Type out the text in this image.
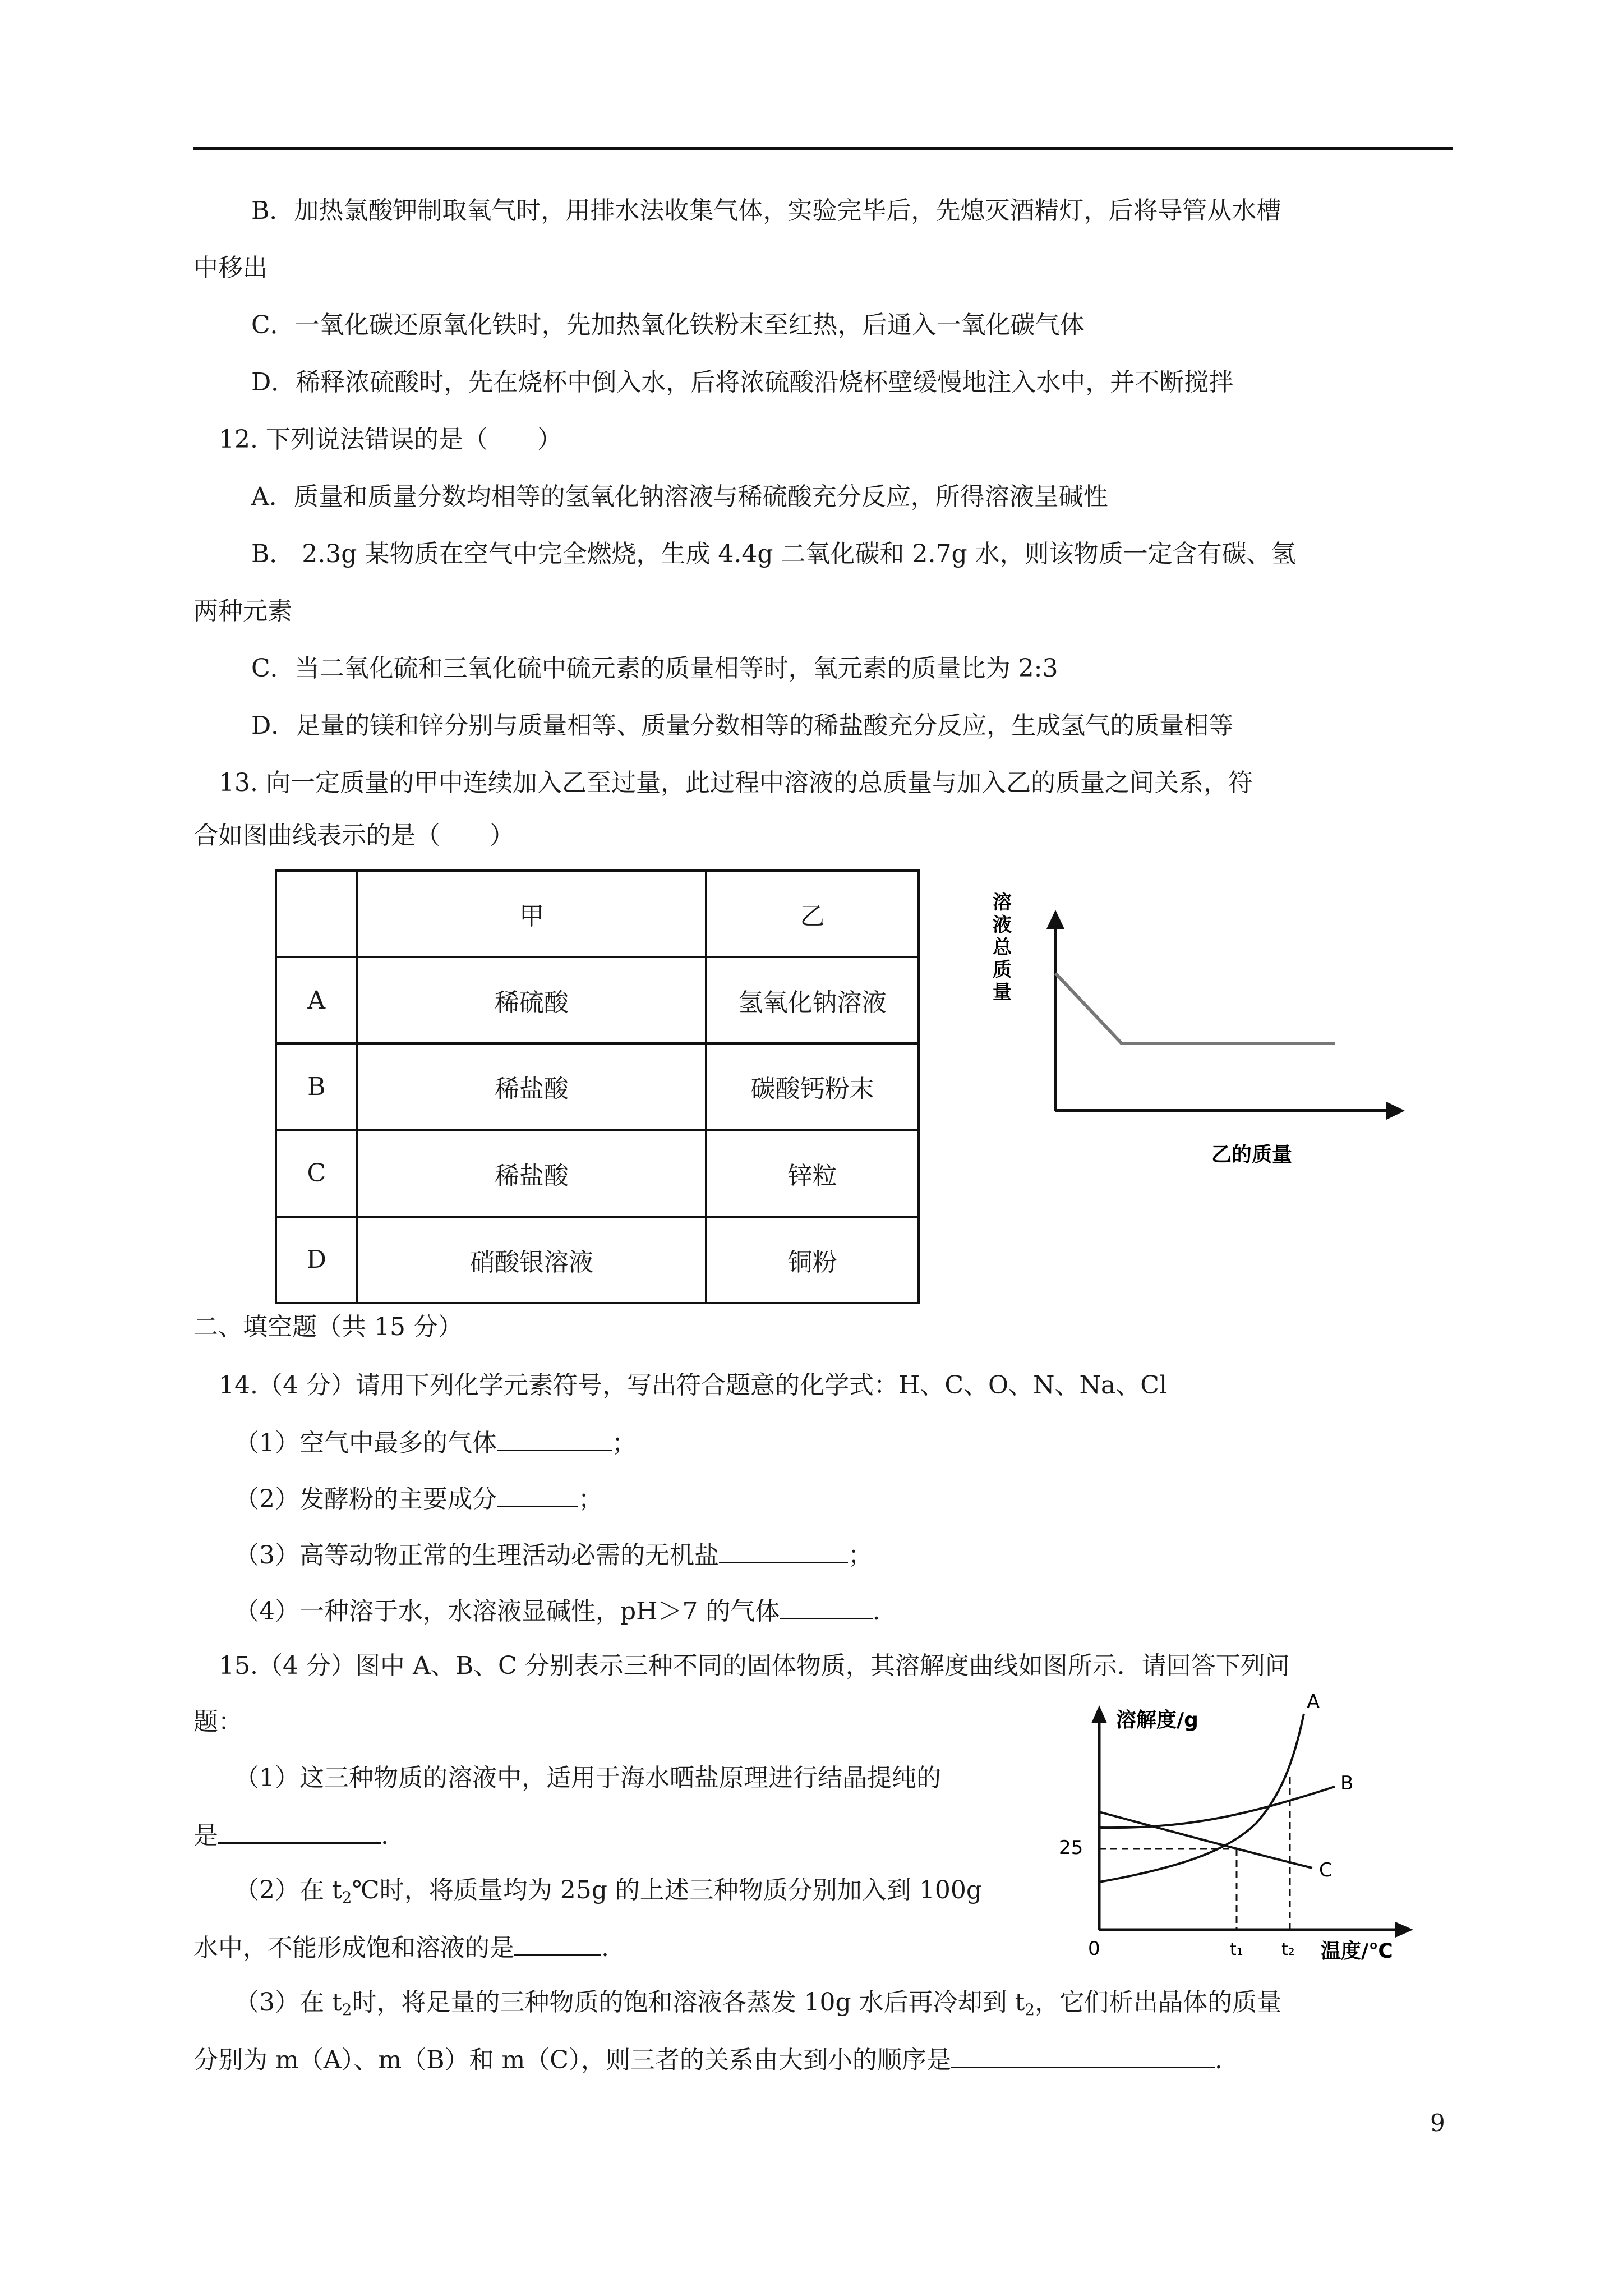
B．加热氯酸钾制取氧气时，用排水法收集气体，实验完毕后，先熄灭酒精灯，后将导管从水槽
中移出
C．一氧化碳还原氧化铁时，先加热氧化铁粉末至红热，后通入一氧化碳气体
D．稀释浓硫酸时，先在烧杯中倒入水，后将浓硫酸沿烧杯壁缓慢地注入水中，并不断搅拌
12. 下列说法错误的是（　　）
A．质量和质量分数均相等的氢氧化钠溶液与稀硫酸充分反应，所得溶液呈碱性
B． 2.3g 某物质在空气中完全燃烧，生成 4.4g 二氧化碳和 2.7g 水，则该物质一定含有碳、氢
两种元素
C．当二氧化硫和三氧化硫中硫元素的质量相等时，氧元素的质量比为 2:3
D．足量的镁和锌分别与质量相等、质量分数相等的稀盐酸充分反应，生成氢气的质量相等
13. 向一定质量的甲中连续加入乙至过量，此过程中溶液的总质量与加入乙的质量之间关系，符
合如图曲线表示的是（　　）
	甲	乙
A	稀硫酸	氢氧化钠溶液
B	稀盐酸	碳酸钙粉末
C	稀盐酸	锌粒
D	硝酸银溶液	铜粉
溶
液
总
质
量
乙的质量
二、填空题（共 15 分）
14.（4 分）请用下列化学元素符号，写出符合题意的化学式：H、C、O、N、Na、Cl
（1）空气中最多的气体	；
（2）发酵粉的主要成分	；
（3）高等动物正常的生理活动必需的无机盐	；
（4）一种溶于水，水溶液显碱性，pH＞7 的气体	.
15.（4 分）图中 A、B、C 分别表示三种不同的固体物质，其溶解度曲线如图所示．请回答下列问
题：
（1）这三种物质的溶液中，适用于海水晒盐原理进行结晶提纯的
是	.
（2）在 $t_2℃$时，将质量均为 25g 的上述三种物质分别加入到 100g
水中，不能形成饱和溶液的是	.
（3）在 $t_2$时，将足量的三种物质的饱和溶液各蒸发 10g 水后再冷却到 $t_2$，它们析出晶体的质量
分别为 m（A）、m（B）和 m（C），则三者的关系由大到小的顺序是	.
溶解度/g
0
25
A
B
C
t₁ t₂ 温度/℃
9
